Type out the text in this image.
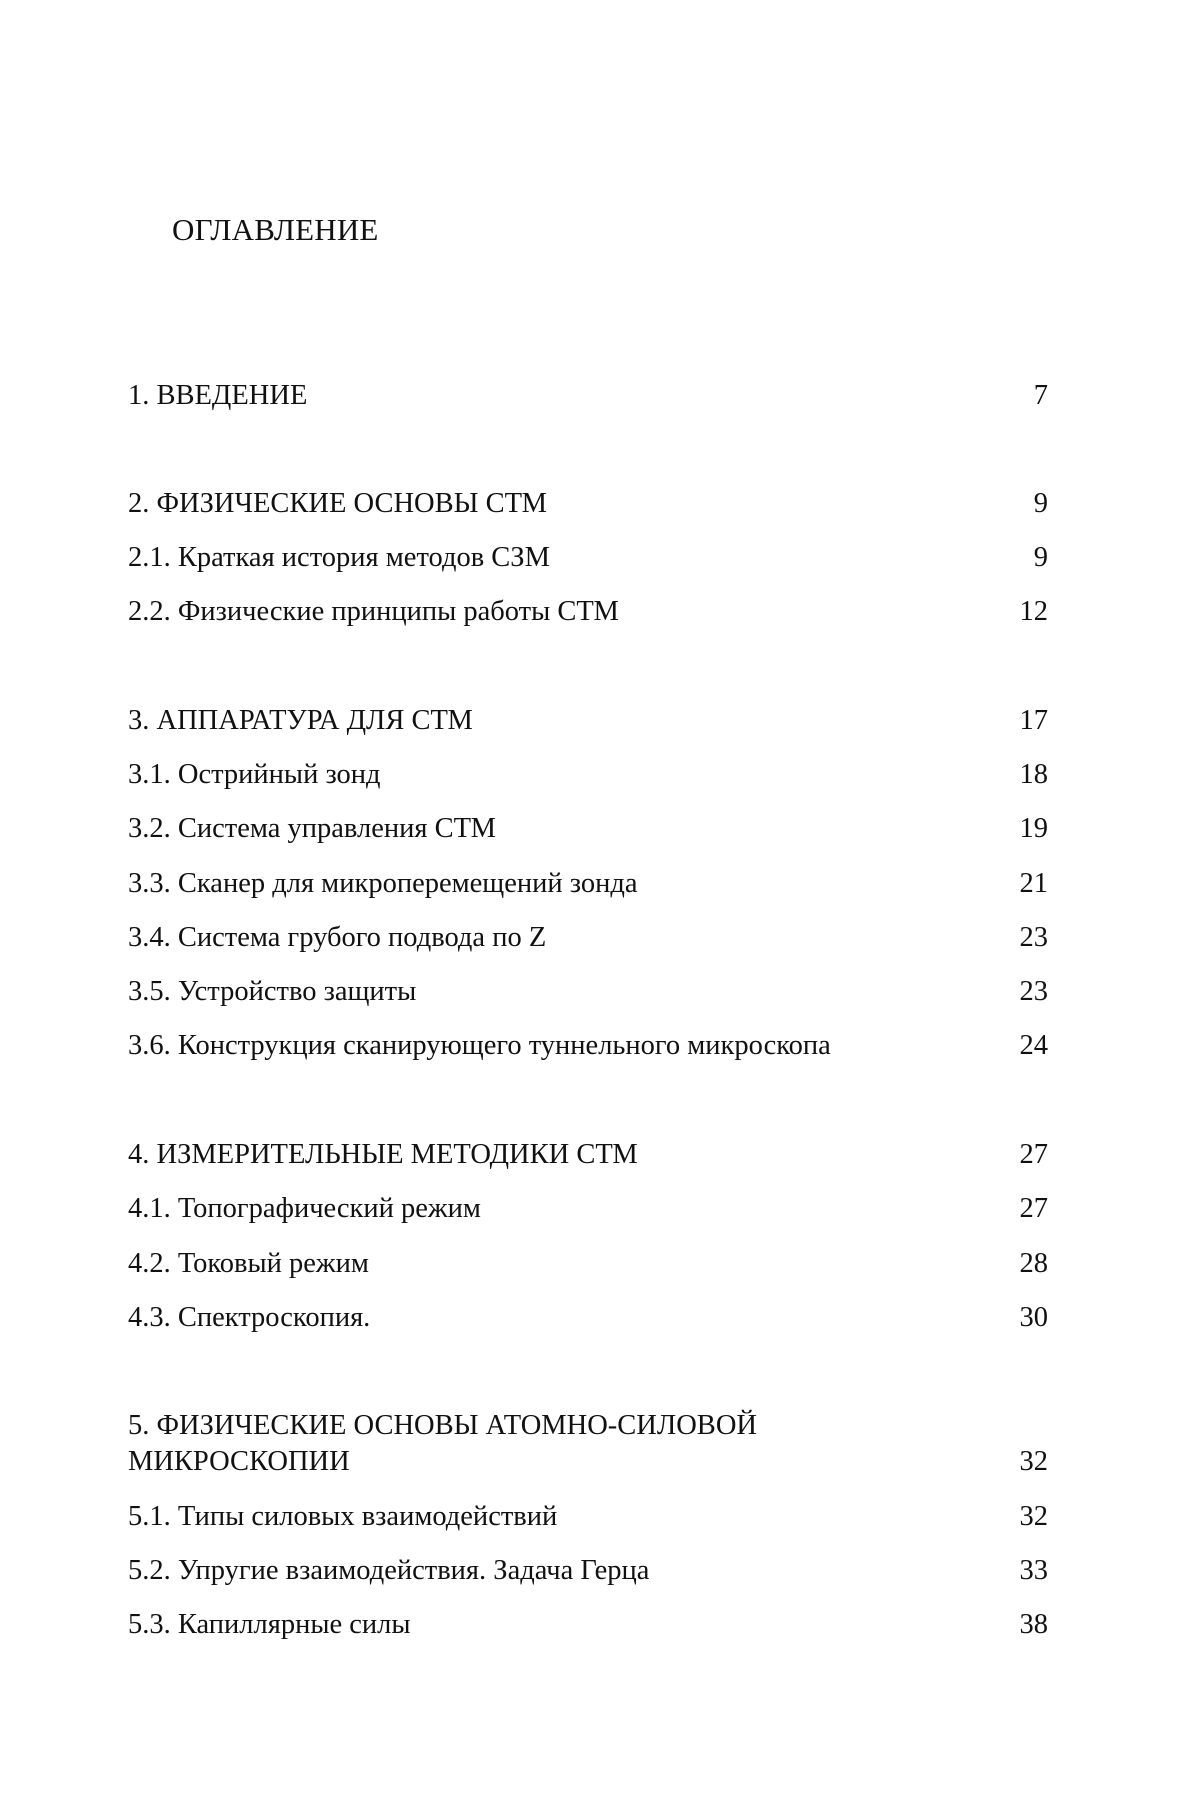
ОГЛАВЛЕНИЕ
1. ВВЕДЕНИЕ	7
2. ФИЗИЧЕСКИЕ ОСНОВЫ СТМ	9
2.1. Краткая история методов СЗМ	9
2.2. Физические принципы работы СТМ	12
3. АППАРАТУРА ДЛЯ СТМ	17
3.1. Острийный зонд	18
3.2. Система управления СТМ	19
3.3. Сканер для микроперемещений зонда	21
3.4. Система грубого подвода по Z	23
3.5. Устройство защиты	23
3.6. Конструкция сканирующего туннельного микроскопа	24
4. ИЗМЕРИТЕЛЬНЫЕ МЕТОДИКИ СТМ	27
4.1. Топографический режим	27
4.2. Токовый режим	28
4.3. Спектроскопия.	30
5. ФИЗИЧЕСКИЕ ОСНОВЫ АТОМНО-СИЛОВОЙ МИКРОСКОПИИ	32
5.1. Типы силовых взаимодействий	32
5.2. Упругие взаимодействия. Задача Герца	33
5.3. Капиллярные силы	38
